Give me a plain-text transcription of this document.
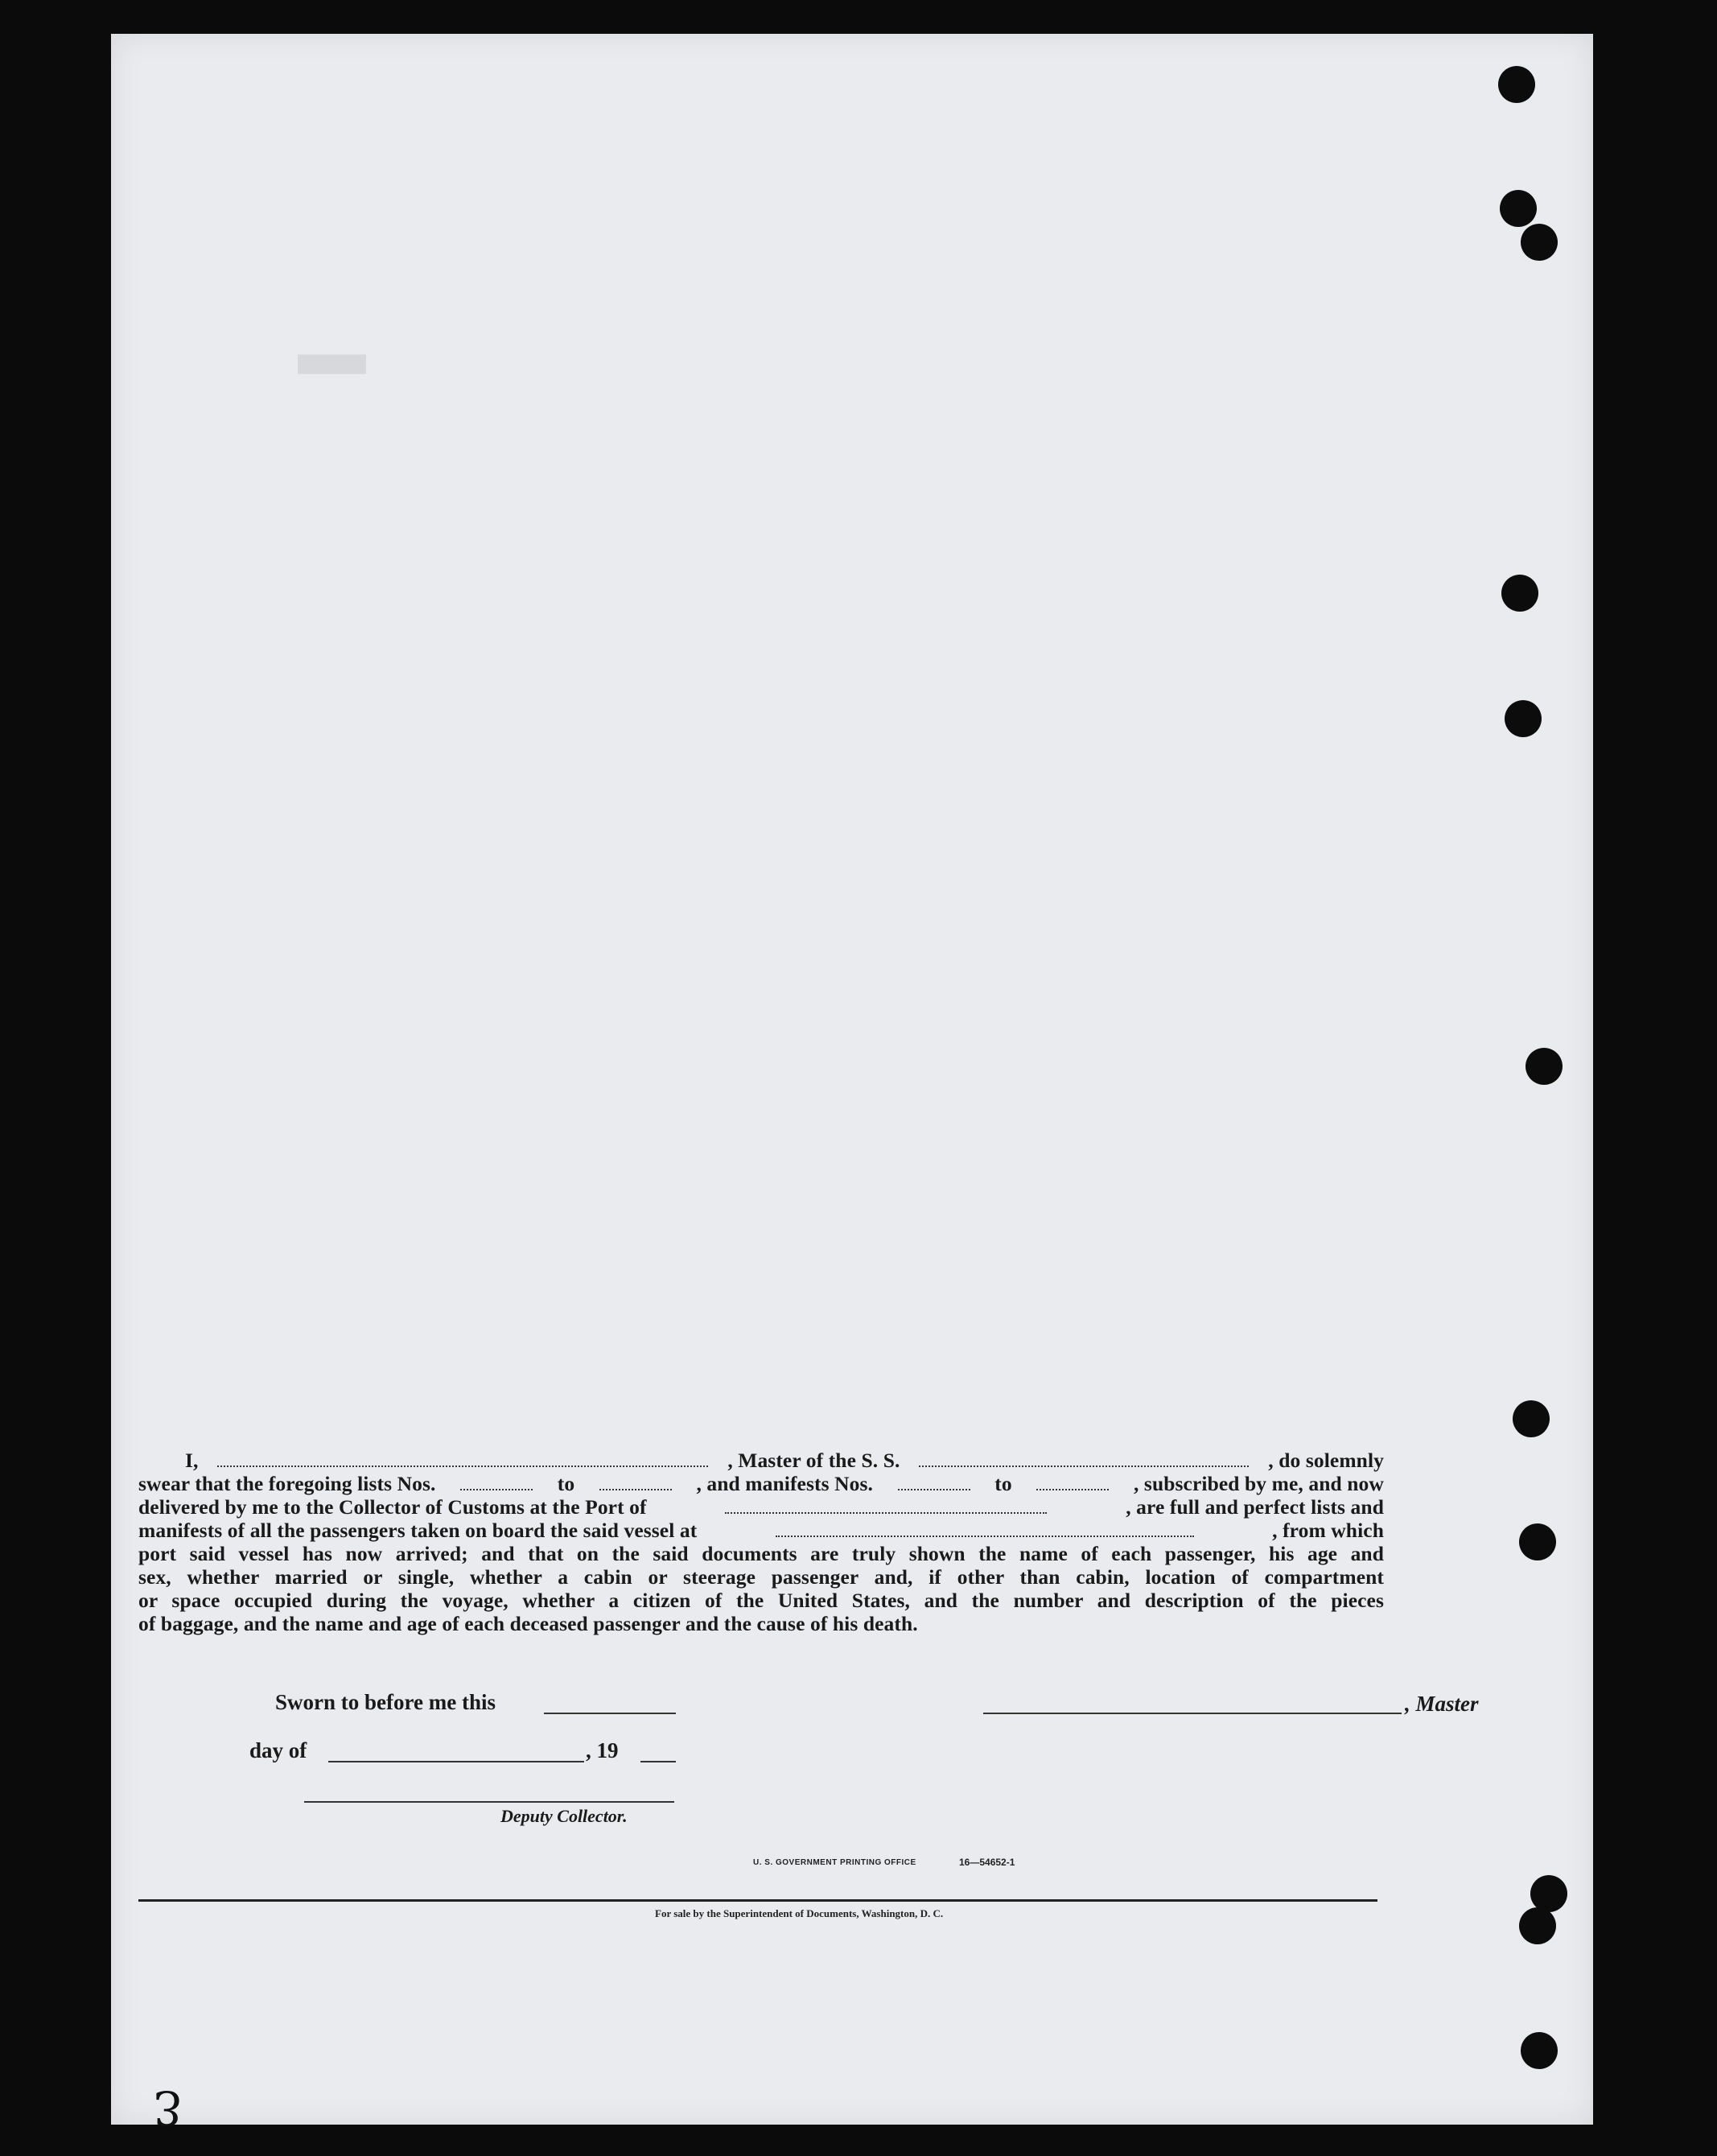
▀▀▀
I,	, Master of the S. S.	, do solemnly
swear that the foregoing lists Nos.	to	, and manifests Nos.	to	, subscribed by me, and now
delivered by me to the Collector of Customs at the Port of	, are full and perfect lists and
manifests of all the passengers taken on board the said vessel at	, from which
port said vessel has now arrived; and that on the said documents are truly shown the name of each passenger, his age and
sex, whether married or single, whether a cabin or steerage passenger and, if other than cabin, location of compartment
or space occupied during the voyage, whether a citizen of the United States, and the number and description of the pieces
of baggage, and the name and age of each deceased passenger and the cause of his death.
Sworn to before me this	, Master
day of	, 19
Deputy Collector.
U. S. GOVERNMENT PRINTING OFFICE	16—54652-1
For sale by the Superintendent of Documents, Washington, D. C.
3
